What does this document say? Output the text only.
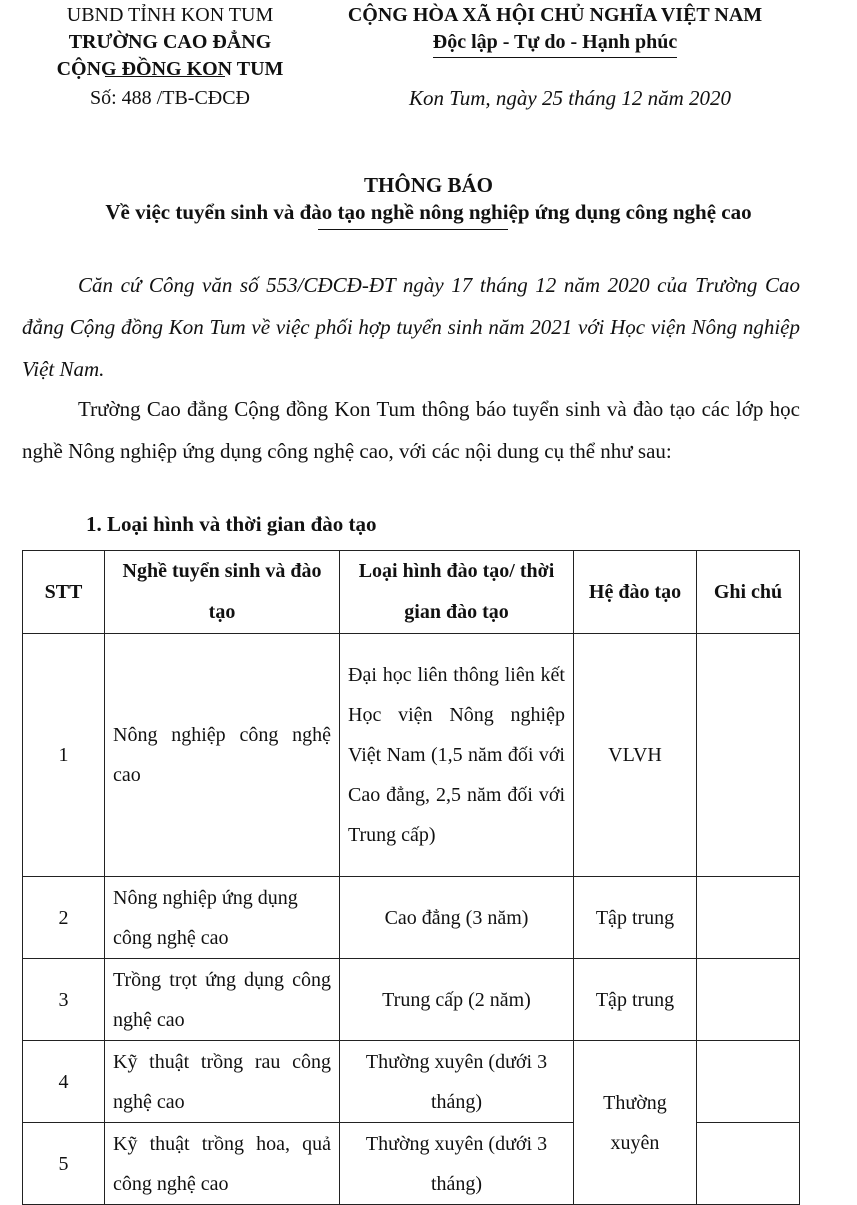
UBND TỈNH KON TUM
TRƯỜNG CAO ĐẲNG
CỘNG ĐỒNG KON TUM
Số: 488 /TB-CĐCĐ
CỘNG HÒA XÃ HỘI CHỦ NGHĨA VIỆT NAM
Độc lập - Tự do - Hạnh phúc
Kon Tum, ngày 25 tháng 12 năm 2020
THÔNG BÁO
Về việc tuyển sinh và đào tạo nghề nông nghiệp ứng dụng công nghệ cao
Căn cứ Công văn số 553/CĐCĐ-ĐT ngày 17 tháng 12 năm 2020 của Trường Cao đẳng Cộng đồng Kon Tum về việc phối hợp tuyển sinh năm 2021 với Học viện Nông nghiệp Việt Nam.
Trường Cao đẳng Cộng đồng Kon Tum thông báo tuyển sinh và đào tạo các lớp học nghề Nông nghiệp ứng dụng công nghệ cao, với các nội dung cụ thể như sau:
1. Loại hình và thời gian đào tạo
STT	Nghề tuyển sinh và đào tạo	Loại hình đào tạo/ thời gian đào tạo	Hệ đào tạo	Ghi chú
1	Nông nghiệp công nghệ cao	Đại học liên thông liên kết Học viện Nông nghiệp Việt Nam (1,5 năm đối với Cao đẳng, 2,5 năm đối với Trung cấp)	VLVH	
2	Nông nghiệp ứng dụng công nghệ cao	Cao đẳng (3 năm)	Tập trung	
3	Trồng trọt ứng dụng công nghệ cao	Trung cấp (2 năm)	Tập trung	
4	Kỹ thuật trồng rau công nghệ cao	Thường xuyên (dưới 3 tháng)	Thường xuyên	
5	Kỹ thuật trồng hoa, quả công nghệ cao	Thường xuyên (dưới 3 tháng)		
